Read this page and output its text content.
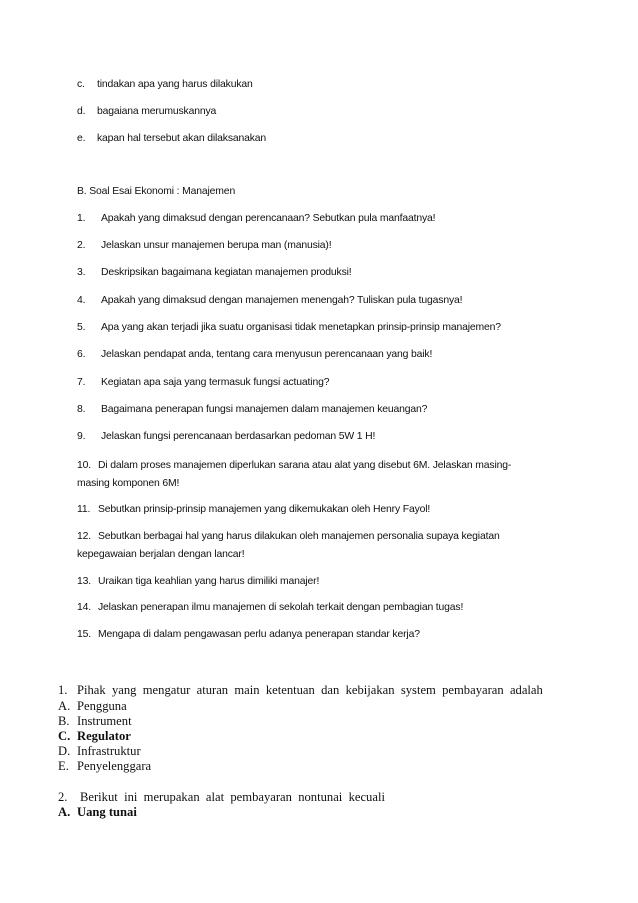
c. tindakan apa yang harus dilakukan
d. bagaiana merumuskannya
e. kapan hal tersebut akan dilaksanakan
B. Soal Esai Ekonomi : Manajemen
1. Apakah yang dimaksud dengan perencanaan? Sebutkan pula manfaatnya!
2. Jelaskan unsur manajemen berupa man (manusia)!
3. Deskripsikan bagaimana kegiatan manajemen produksi!
4. Apakah yang dimaksud dengan manajemen menengah? Tuliskan pula tugasnya!
5. Apa yang akan terjadi jika suatu organisasi tidak menetapkan prinsip-prinsip manajemen?
6. Jelaskan pendapat anda, tentang cara menyusun perencanaan yang baik!
7. Kegiatan apa saja yang termasuk fungsi actuating?
8. Bagaimana penerapan fungsi manajemen dalam manajemen keuangan?
9. Jelaskan fungsi perencanaan berdasarkan pedoman 5W 1 H!
10. Di dalam proses manajemen diperlukan sarana atau alat yang disebut 6M. Jelaskan masing-
masing komponen 6M!
11. Sebutkan prinsip-prinsip manajemen yang dikemukakan oleh Henry Fayol!
12. Sebutkan berbagai hal yang harus dilakukan oleh manajemen personalia supaya kegiatan
kepegawaian berjalan dengan lancar!
13. Uraikan tiga keahlian yang harus dimiliki manajer!
14. Jelaskan penerapan ilmu manajemen di sekolah terkait dengan pembagian tugas!
15. Mengapa di dalam pengawasan perlu adanya penerapan standar kerja?
1. Pihak  yang  mengatur  aturan  main  ketentuan  dan  kebijakan  system  pembayaran  adalah
A. Pengguna
B. Instrument
C. Regulator
D. Infrastruktur
E. Penyelenggara
2. Berikut  ini  merupakan  alat  pembayaran  nontunai  kecuali
A. Uang tunai
